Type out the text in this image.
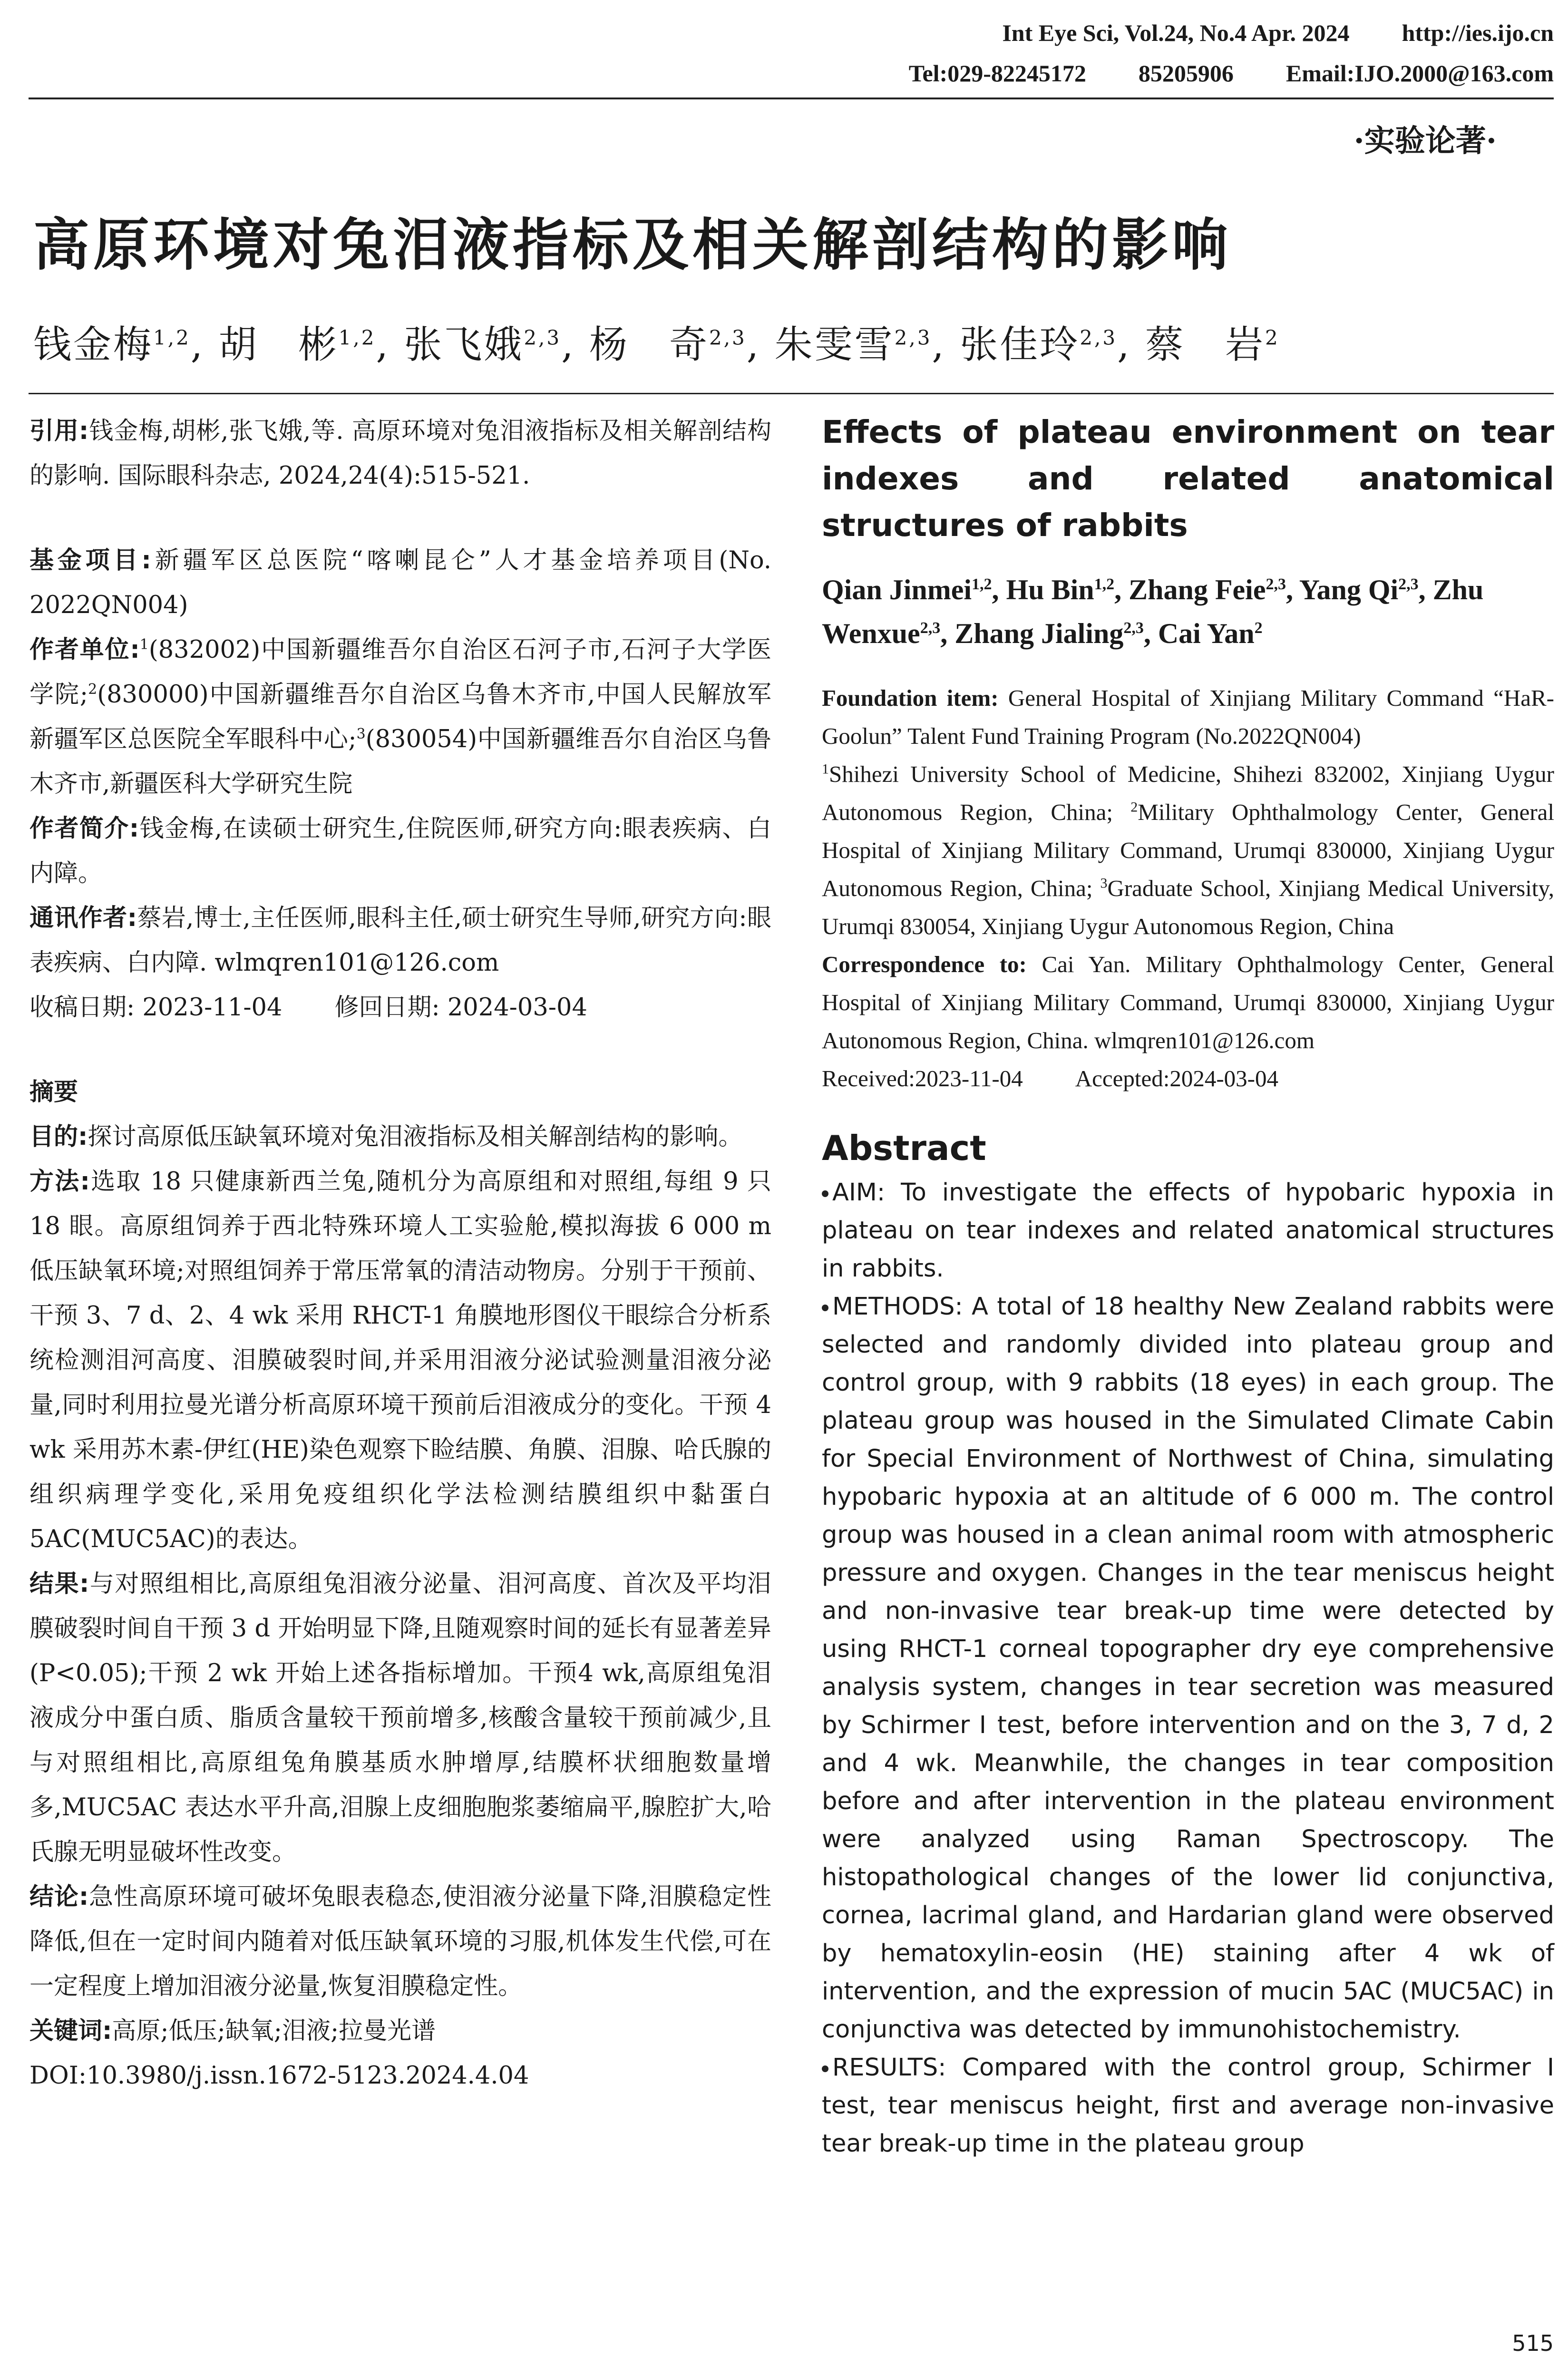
Int Eye Sci, Vol.24, No.4 Apr. 2024 http://ies.ijo.cn
Tel:029-82245172 85205906 Email:IJO.2000@163.com
·实验论著·
高原环境对兔泪液指标及相关解剖结构的影响
钱金梅$^{1,2}$, 胡　彬$^{1,2}$, 张飞娥$^{2,3}$, 杨　奇$^{2,3}$, 朱雯雪$^{2,3}$, 张佳玲$^{2,3}$, 蔡　岩$^2$

引用:钱金梅,胡彬,张飞娥,等. 高原环境对兔泪液指标及相关解剖结构的影响. 国际眼科杂志, 2024,24(4):515-521.

基金项目:新疆军区总医院“喀喇昆仑”人才基金培养项目(No. 2022QN004)

作者单位:$^1$(832002)中国新疆维吾尔自治区石河子市,石河子大学医学院;$^2$(830000)中国新疆维吾尔自治区乌鲁木齐市,中国人民解放军新疆军区总医院全军眼科中心;$^3$(830054)中国新疆维吾尔自治区乌鲁木齐市,新疆医科大学研究生院

作者简介:钱金梅,在读硕士研究生,住院医师,研究方向:眼表疾病、白内障。

通讯作者:蔡岩,博士,主任医师,眼科主任,硕士研究生导师,研究方向:眼表疾病、白内障. wlmqren101@126.com

收稿日期: 2023-11-04 修回日期: 2024-03-04

摘要

目的:探讨高原低压缺氧环境对兔泪液指标及相关解剖结构的影响。

方法:选取 18 只健康新西兰兔,随机分为高原组和对照组,每组 9 只 18 眼。高原组饲养于西北特殊环境人工实验舱,模拟海拔 6 000 m 低压缺氧环境;对照组饲养于常压常氧的清洁动物房。分别于干预前、干预 3、7 d、2、4 wk 采用 RHCT-1 角膜地形图仪干眼综合分析系统检测泪河高度、泪膜破裂时间,并采用泪液分泌试验测量泪液分泌量,同时利用拉曼光谱分析高原环境干预前后泪液成分的变化。干预 4 wk 采用苏木素-伊红(HE)染色观察下睑结膜、角膜、泪腺、哈氏腺的组织病理学变化,采用免疫组织化学法检测结膜组织中黏蛋白 5AC(MUC5AC)的表达。

结果:与对照组相比,高原组兔泪液分泌量、泪河高度、首次及平均泪膜破裂时间自干预 3 d 开始明显下降,且随观察时间的延长有显著差异(P<0.05);干预 2 wk 开始上述各指标增加。干预4 wk,高原组兔泪液成分中蛋白质、脂质含量较干预前增多,核酸含量较干预前减少,且与对照组相比,高原组兔角膜基质水肿增厚,结膜杯状细胞数量增多,MUC5AC 表达水平升高,泪腺上皮细胞胞浆萎缩扁平,腺腔扩大,哈氏腺无明显破坏性改变。

结论:急性高原环境可破坏兔眼表稳态,使泪液分泌量下降,泪膜稳定性降低,但在一定时间内随着对低压缺氧环境的习服,机体发生代偿,可在一定程度上增加泪液分泌量,恢复泪膜稳定性。

关键词:高原;低压;缺氧;泪液;拉曼光谱

DOI:10.3980/j.issn.1672-5123.2024.4.04

Effects of plateau environment on tear indexes and related anatomical structures of rabbits

Qian Jinmei$^{1,2}$, Hu Bin$^{1,2}$, Zhang Feie$^{2,3}$, Yang Qi$^{2,3}$, Zhu Wenxue$^{2,3}$, Zhang Jialing$^{2,3}$, Cai Yan$^2$

Foundation item: General Hospital of Xinjiang Military Command “HaR-Goolun” Talent Fund Training Program (No.2022QN004)

$^1$Shihezi University School of Medicine, Shihezi 832002, Xinjiang Uygur Autonomous Region, China; $^2$Military Ophthalmology Center, General Hospital of Xinjiang Military Command, Urumqi 830000, Xinjiang Uygur Autonomous Region, China; $^3$Graduate School, Xinjiang Medical University, Urumqi 830054, Xinjiang Uygur Autonomous Region, China

Correspondence to: Cai Yan. Military Ophthalmology Center, General Hospital of Xinjiang Military Command, Urumqi 830000, Xinjiang Uygur Autonomous Region, China. wlmqren101@126.com

Received:2023-11-04 Accepted:2024-03-04

Abstract

AIM: To investigate the effects of hypobaric hypoxia in plateau on tear indexes and related anatomical structures in rabbits.

METHODS: A total of 18 healthy New Zealand rabbits were selected and randomly divided into plateau group and control group, with 9 rabbits (18 eyes) in each group. The plateau group was housed in the Simulated Climate Cabin for Special Environment of Northwest of China, simulating hypobaric hypoxia at an altitude of 6 000 m. The control group was housed in a clean animal room with atmospheric pressure and oxygen. Changes in the tear meniscus height and non-invasive tear break-up time were detected by using RHCT-1 corneal topographer dry eye comprehensive analysis system, changes in tear secretion was measured by Schirmer Ⅰ test, before intervention and on the 3, 7 d, 2 and 4 wk. Meanwhile, the changes in tear composition before and after intervention in the plateau environment were analyzed using Raman Spectroscopy. The histopathological changes of the lower lid conjunctiva, cornea, lacrimal gland, and Hardarian gland were observed by hematoxylin-eosin (HE) staining after 4 wk of intervention, and the expression of mucin 5AC (MUC5AC) in conjunctiva was detected by immunohistochemistry.

RESULTS: Compared with the control group, Schirmer Ⅰ test, tear meniscus height, first and average non-invasive tear break-up time in the plateau group

515
